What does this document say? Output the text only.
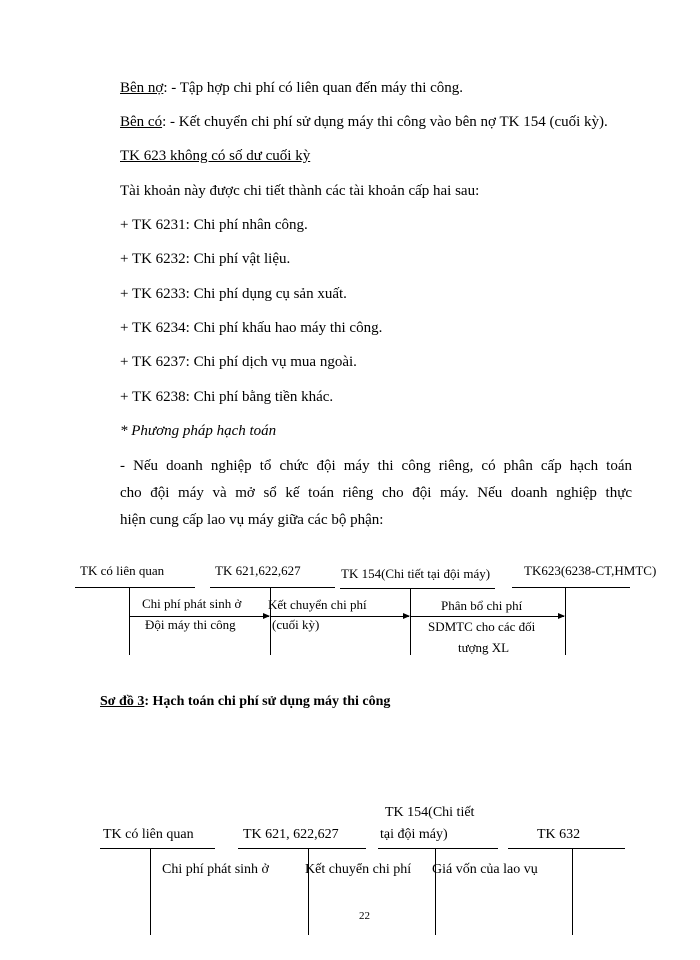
Bên nợ: - Tập hợp chi phí có liên quan đến máy thi công.
Bên có: - Kết chuyển chi phí sử dụng máy thi công vào bên nợ TK 154 (cuối kỳ).
TK 623 không có số dư cuối kỳ
Tài khoản này được chi tiết thành các tài khoản cấp hai sau:
+ TK 6231: Chi phí nhân công.
+ TK 6232: Chi phí vật liệu.
+ TK 6233: Chi phí dụng cụ sản xuất.
+ TK 6234: Chi phí khấu hao máy thi công.
+ TK 6237: Chi phí dịch vụ mua ngoài.
+ TK 6238: Chi phí bằng tiền khác.
* Phương pháp hạch toán
- Nếu doanh nghiệp tổ chức đội máy thi công riêng, có phân cấp hạch toán
cho đội máy và mở sổ kế toán riêng cho đội máy. Nếu doanh nghiệp thực
hiện cung cấp lao vụ máy giữa các bộ phận:
TK có liên quan	TK 621,622,627	TK 154(Chi tiết tại đội máy)	TK623(6238-CT,HMTC)
Chi phí phát sinh ở
Đội máy thi công
Kết chuyển chi phí
(cuối kỳ)
Phân bổ chi phí
SDMTC cho các đối
tượng XL
Sơ đồ 3: Hạch toán chi phí sử dụng máy thi công
TK 154(Chi tiết
TK có liên quan	TK 621, 622,627	tại đội máy)	TK 632
Chi phí phát sinh ở	Kết chuyển chi phí Giá vốn của lao vụ
22
